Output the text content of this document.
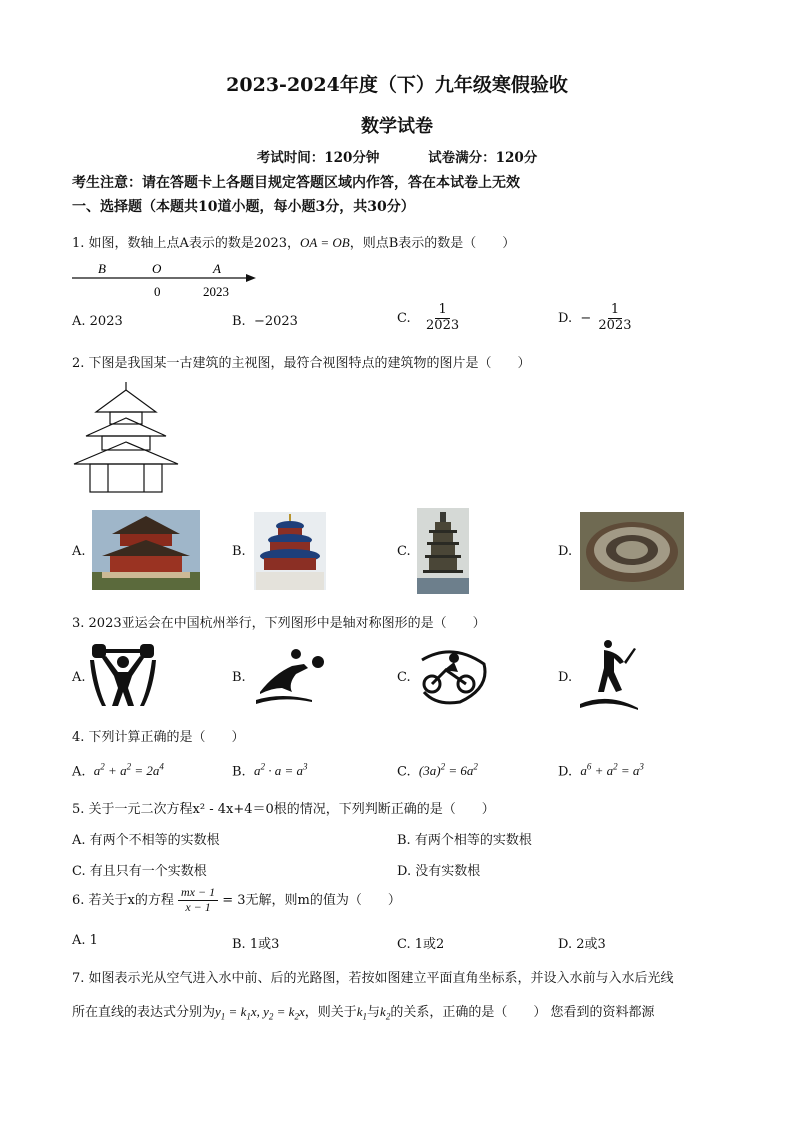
2023-2024年度（下）九年级寒假验收
数学试卷
考试时间：120分钟	试卷满分：120分
考生注意：请在答题卡上各题目规定答题区域内作答，答在本试卷上无效
一、选择题（本题共10道小题，每小题3分，共30分）
1. 如图，数轴上点A表示的数是2023，OA = OB，则点B表示的数是（　　）
B	O	A
0	2023
A. 2023	B. −2023	C. $\frac{1}{2023}$	D. − $\frac{1}{2023}$
2. 下图是我国某一古建筑的主视图，最符合视图特点的建筑物的图片是（　　）
A.	B.	C.	D.
3. 2023亚运会在中国杭州举行，下列图形中是轴对称图形的是（　　）
A.	B.	C.	D.
4. 下列计算正确的是（　　）
A. $a^2 + a^2 = 2a^4$	B. $a^2 \cdot a = a^3$	C. $(3a)^2 = 6a^2$	D. $a^6 + a^2 = a^3$
5. 关于一元二次方程x² - 4x+4＝0根的情况，下列判断正确的是（　　）
A. 有两个不相等的实数根	B. 有两个相等的实数根
C. 有且只有一个实数根	D. 没有实数根
6. 若关于x的方程 $\frac{mx - 1}{x - 1} = 3$无解，则m的值为（　　）
A. 1	B. 1或3	C. 1或2	D. 2或3
7. 如图表示光从空气进入水中前、后的光路图，若按如图建立平面直角坐标系，并设入水前与入水后光线
所在直线的表达式分别为$y_1 = k_1x$, $y_2 = k_2x$，则关于$k_1$与$k_2$的关系，正确的是（　　） 您看到的资料都源
